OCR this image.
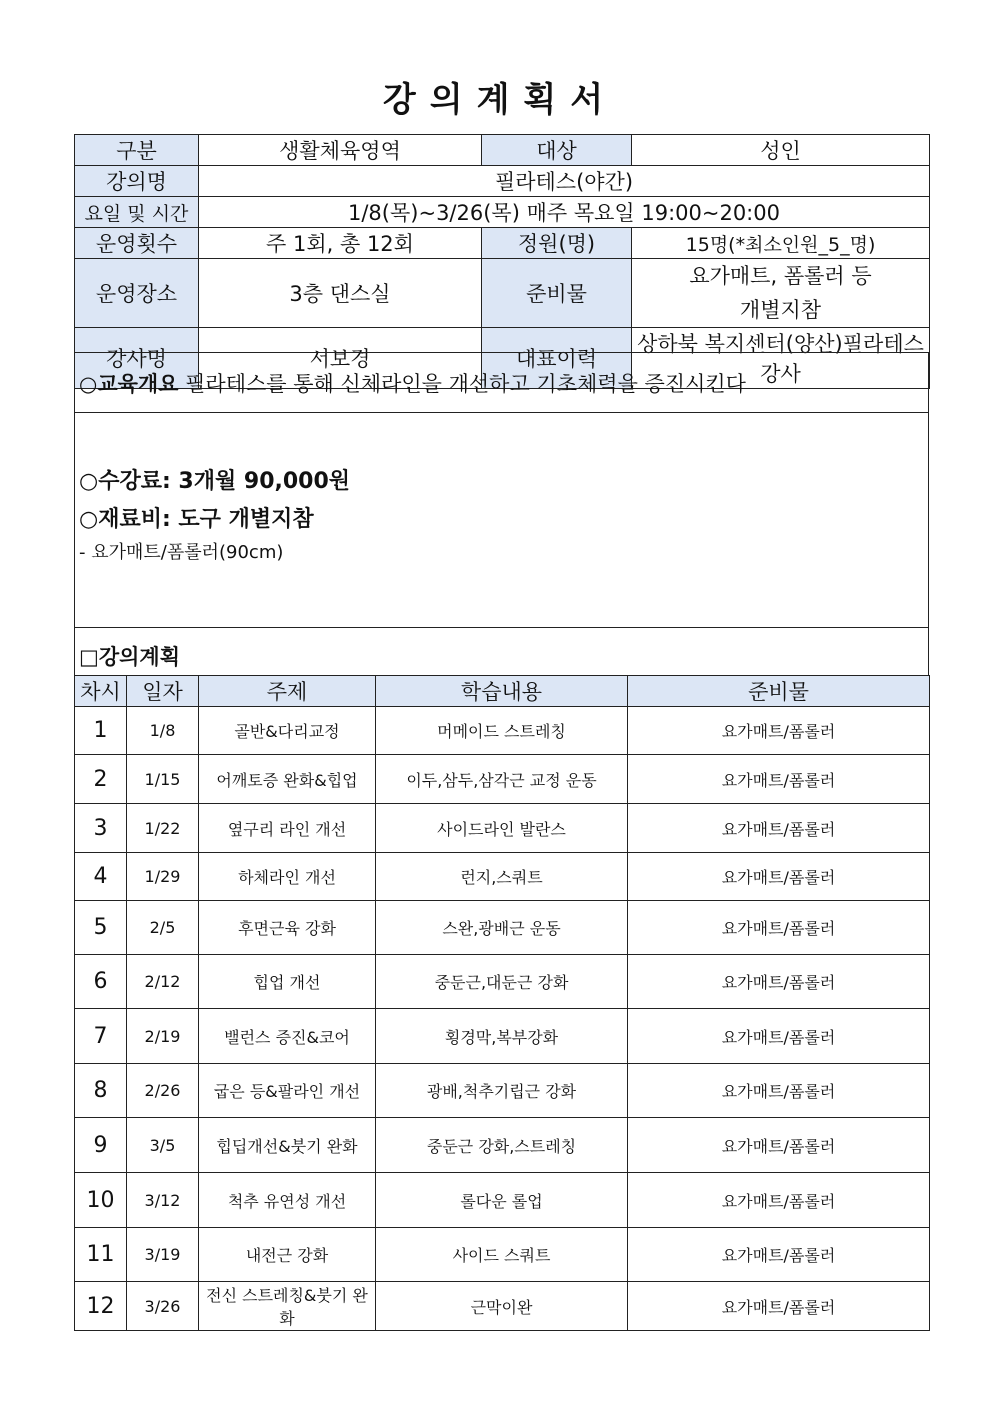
강의계획서
구분	생활체육영역	대상	성인
강의명	필라테스(야간)		
요일 및 시간	1/8(목)~3/26(목) 매주 목요일 19:00~20:00		
운영횟수	주 1회, 총 12회	정원(명)	15명(*최소인원_5_명)
운영장소	3층 댄스실	준비물	요가매트, 폼롤러 등
개별지참

강사명	서보경	대표이력	상하북 복지센터(양산)필라테스 강사
○교육개요 필라테스를 통해 신체라인을 개선하고 기초체력을 증진시킨다

○수강료: 3개월 90,000원
○재료비: 도구 개별지참
- 요가매트/폼롤러(90cm)

□강의계획
차시	일자	주제	학습내용	준비물
1	1/8	골반&다리교정	머메이드 스트레칭	요가매트/폼롤러
2	1/15	어깨토증 완화&힙업	이두,삼두,삼각근 교정 운동	요가매트/폼롤러
3	1/22	옆구리 라인 개선	사이드라인 발란스	요가매트/폼롤러
4	1/29	하체라인 개선	런지,스쿼트	요가매트/폼롤러
5	2/5	후면근육 강화	스완,광배근 운동	요가매트/폼롤러
6	2/12	힙업 개선	중둔근,대둔근 강화	요가매트/폼롤러
7	2/19	밸런스 증진&코어	횡경막,복부강화	요가매트/폼롤러
8	2/26	굽은 등&팔라인 개선	광배,척추기립근 강화	요가매트/폼롤러
9	3/5	힙딥개선&붓기 완화	중둔근 강화,스트레칭	요가매트/폼롤러
10	3/12	척추 유연성 개선	롤다운 롤업	요가매트/폼롤러
11	3/19	내전근 강화	사이드 스쿼트	요가매트/폼롤러
12	3/26	전신 스트레칭&붓기 완화	근막이완	요가매트/폼롤러
